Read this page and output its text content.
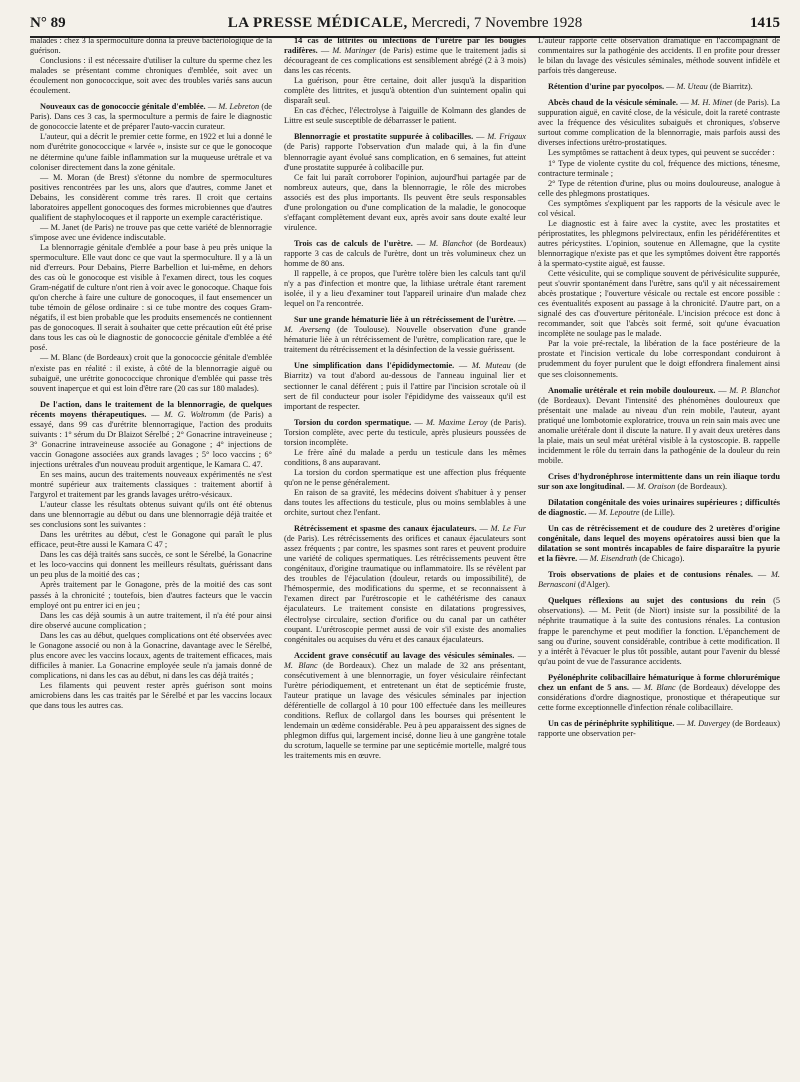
N° 89	LA PRESSE MÉDICALE, Mercredi, 7 Novembre 1928	1415

malades : chez 3 la spermoculture donna la preuve bactériologique de la guérison.

Conclusions : il est nécessaire d'utiliser la culture du sperme chez les malades se présentant comme chroniques d'emblée, soit avec un écoulement non gonococcique, soit avec des troubles variés sans aucun écoulement.

Nouveaux cas de gonococcie génitale d'emblée. — M. Lebreton (de Paris). Dans ces 3 cas, la spermoculture a permis de faire le diagnostic de gonococcie latente et de préparer l'auto-vaccin curateur.

L'auteur, qui a décrit le premier cette forme, en 1922 et lui a donné le nom d'urétrite gonococcique « larvée », insiste sur ce que le gonocoque ne détermine qu'une faible inflammation sur la muqueuse urétrale et va coloniser directement dans la zone génitale.

— M. Moran (de Brest) s'étonne du nombre de spermocultures positives rencontrées par les uns, alors que d'autres, comme Janet et Debains, les considèrent comme très rares. Il croit que certains laboratoires appellent gonocoques des formes microbiennes que d'autres qualifient de staphylocoques et il rapporte un exemple caractéristique.

— M. Janet (de Paris) ne trouve pas que cette variété de blennorragie s'impose avec une évidence indiscutable.

La blennorragie génitale d'emblée a pour base à peu près unique la spermoculture. Elle vaut donc ce que vaut la spermoculture. Il y a là un nid d'erreurs. Pour Debains, Pierre Barbellion et lui-même, en dehors des cas où le gonocoque est visible à l'examen direct, tous les coques Gram-négatif de culture n'ont rien à voir avec le gonocoque. Chaque fois qu'on cherche à faire une culture de gonocoques, il faut ensemencer un tube témoin de gélose ordinaire : si ce tube montre des coques Gram-négatifs, il est bien probable que les produits ensemencés ne contiennent pas de gonocoques. Il serait à souhaiter que cette précaution eût été prise dans tous les cas où le diagnostic de gonococcie génitale d'emblée a été posé.

— M. Blanc (de Bordeaux) croit que la gonococcie génitale d'emblée n'existe pas en réalité : il existe, à côté de la blennorragie aiguë ou subaiguë, une urétrite gonococcique chronique d'emblée qui passe très souvent inaperçue et qui est loin d'être rare (20 cas sur 180 malades).

De l'action, dans le traitement de la blennorragie, de quelques récents moyens thérapeutiques. — M. G. Woltromm (de Paris) a essayé, dans 99 cas d'urétrite blennorragique, l'action des produits suivants : 1° sérum du Dr Blaizot Sérelbé ; 2° Gonacrine intraveineuse ; 3° Gonacrine intraveineuse associée au Gonagone ; 4° injections de vaccin Gonagone associées aux grands lavages ; 5° loco vaccins ; 6° injections urétrales d'un nouveau produit argentique, le Kamara C. 47.

En ses mains, aucun des traitements nouveaux expérimentés ne s'est montré supérieur aux traitements classiques : traitement abortif à l'argyrol et traitement par les grands lavages urétro-vésicaux.

L'auteur classe les résultats obtenus suivant qu'ils ont été obtenus dans une blennorragie au début ou dans une blennorragie déjà traitée et ses conclusions sont les suivantes :

Dans les urétrites au début, c'est le Gonagone qui paraît le plus efficace, peut-être aussi le Kamara C 47 ;

Dans les cas déjà traités sans succès, ce sont le Sérelbé, la Gonacrine et les loco-vaccins qui donnent les meilleurs résultats, guérissant dans un peu plus de la moitié des cas ;

Après traitement par le Gonagone, près de la moitié des cas sont passés à la chronicité ; toutefois, bien d'autres facteurs que le vaccin employé ont pu entrer ici en jeu ;

Dans les cas déjà soumis à un autre traitement, il n'a été pour ainsi dire observé aucune complication ;

Dans les cas au début, quelques complications ont été observées avec le Gonagone associé ou non à la Gonacrine, davantage avec le Sérelbé, plus encore avec les vaccins locaux, agents de traitement efficaces, mais difficiles à manier. La Gonacrine employée seule n'a jamais donné de complications, ni dans les cas au début, ni dans les cas déjà traités ;

Les filaments qui peuvent rester après guérison sont moins amicrobiens dans les cas traités par le Sérelbé et par les vaccins locaux que dans tous les autres cas.

14 cas de littrites ou infections de l'urètre par les bougies radifères. — M. Maringer (de Paris) estime que le traitement jadis si décourageant de ces complications est sensiblement abrégé (2 à 3 mois) dans les cas récents.

La guérison, pour être certaine, doit aller jusqu'à la disparition complète des littrites, et jusqu'à obtention d'un suintement opalin qui disparaît seul.

En cas d'échec, l'électrolyse à l'aiguille de Kolmann des glandes de Littre est seule susceptible de débarrasser le patient.

Blennorragie et prostatite suppurée à colibacilles. — M. Frigaux (de Paris) rapporte l'observation d'un malade qui, à la fin d'une blennorragie ayant évolué sans complication, en 6 semaines, fut atteint d'une prostatite suppurée à colibacille pur.

Ce fait lui paraît corroborer l'opinion, aujourd'hui partagée par de nombreux auteurs, que, dans la blennorragie, le rôle des microbes associés est des plus importants. Ils peuvent être seuls responsables d'une prolongation ou d'une complication de la maladie, le gonocoque s'effaçant complètement devant eux, après avoir sans doute exalté leur virulence.

Trois cas de calculs de l'urètre. — M. Blanchot (de Bordeaux) rapporte 3 cas de calculs de l'urètre, dont un très volumineux chez un homme de 80 ans.

Il rappelle, à ce propos, que l'urètre tolère bien les calculs tant qu'il n'y a pas d'infection et montre que, la lithiase urétrale étant rarement isolée, il y a lieu d'examiner tout l'appareil urinaire d'un malade chez lequel on l'a rencontrée.

Sur une grande hématurie liée à un rétrécissement de l'urètre. — M. Aversenq (de Toulouse). Nouvelle observation d'une grande hématurie liée à un rétrécissement de l'urètre, complication rare, que le traitement du rétrécissement et la désinfection de la vessie guérissent.

Une simplification dans l'épididymectomie. — M. Muteau (de Biarritz) va tout d'abord au-dessous de l'anneau inguinal lier et sectionner le canal déférent ; puis il l'attire par l'incision scrotale où il sert de fil conducteur pour isoler l'épididyme des vaisseaux qu'il est important de respecter.

Torsion du cordon spermatique. — M. Maxime Leroy (de Paris). Torsion complète, avec perte du testicule, après plusieurs poussées de torsion incomplète.

Le frère aîné du malade a perdu un testicule dans les mêmes conditions, 8 ans auparavant.

La torsion du cordon spermatique est une affection plus fréquente qu'on ne le pense généralement.

En raison de sa gravité, les médecins doivent s'habituer à y penser dans toutes les affections du testicule, plus ou moins semblables à une orchite, surtout chez l'enfant.

Rétrécissement et spasme des canaux éjaculateurs. — M. Le Fur (de Paris). Les rétrécissements des orifices et canaux éjaculateurs sont assez fréquents ; par contre, les spasmes sont rares et peuvent produire une variété de coliques spermatiques. Les rétrécissements peuvent être congénitaux, d'origine traumatique ou inflammatoire. Ils se révèlent par des troubles de l'éjaculation (douleur, retards ou impossibilité), de l'hémospermie, des modifications du sperme, et se reconnaissent à l'examen direct par l'urétroscopie et le cathétérisme des canaux éjaculateurs. Le traitement consiste en dilatations progressives, électrolyse circulaire, section d'orifice ou du canal par un cathéter coupant. L'urétroscopie permet aussi de voir s'il existe des anomalies congénitales ou acquises du véru et des canaux éjaculateurs.

Accident grave consécutif au lavage des vésicules séminales. — M. Blanc (de Bordeaux). Chez un malade de 32 ans présentant, consécutivement à une blennorragie, un foyer vésiculaire réinfectant l'urètre périodiquement, et entretenant un état de septicémie fruste, l'auteur pratique un lavage des vésicules séminales par injection déférentielle de collargol à 10 pour 100 effectuée dans les meilleures conditions. Reflux de collargol dans les bourses qui présentent le lendemain un œdème considérable. Peu à peu apparaissent des signes de phlegmon diffus qui, largement incisé, donne lieu à une gangrène totale du scrotum, laquelle se termine par une septicémie mortelle, malgré tous les traitements mis en œuvre.

L'auteur rapporte cette observation dramatique en l'accompagnant de commentaires sur la pathogénie des accidents. Il en profite pour dresser le bilan du lavage des vésicules séminales, méthode souvent infidèle et parfois très dangereuse.

Rétention d'urine par pyocolpos. — M. Uteau (de Biarritz).

Abcès chaud de la vésicule séminale. — M. H. Minet (de Paris). La suppuration aiguë, en cavité close, de la vésicule, doit la rareté contraste avec la fréquence des vésiculites subaiguës et chroniques, s'observe surtout comme complication de la blennorragie, mais parfois aussi des diverses infections urétro-prostatiques.

Les symptômes se rattachent à deux types, qui peuvent se succéder :

1° Type de violente cystite du col, fréquence des mictions, ténesme, contracture terminale ;

2° Type de rétention d'urine, plus ou moins douloureuse, analogue à celle des phlegmons prostatiques.

Ces symptômes s'expliquent par les rapports de la vésicule avec le col vésical.

Le diagnostic est à faire avec la cystite, avec les prostatites et périprostatites, les phlegmons pelvirectaux, enfin les péridéférentites et autres péricystites. L'opinion, soutenue en Allemagne, que la cystite blennorragique n'existe pas et que les symptômes doivent être rapportés à la spermato-cystite aiguë, est fausse.

Cette vésiculite, qui se complique souvent de périvésiculite suppurée, peut s'ouvrir spontanément dans l'urètre, sans qu'il y ait nécessairement abcès prostatique ; l'ouverture vésicale ou rectale est encore possible : ces éventualités exposent au passage à la chronicité. D'autre part, on a signalé des cas d'ouverture péritonéale. L'incision précoce est donc à recommander, soit que l'abcès soit fermé, soit qu'une évacuation incomplète ne soulage pas le malade.

Par la voie pré-rectale, la libération de la face postérieure de la prostate et l'incision verticale du lobe correspondant conduiront à prudemment du foyer purulent que le doigt effondrera finalement ainsi que ses cloisonnements.

Anomalie urétérale et rein mobile douloureux. — M. P. Blanchot (de Bordeaux). Devant l'intensité des phénomènes douloureux que présentait une malade au niveau d'un rein mobile, l'auteur, ayant pratiqué une lombotomie exploratrice, trouva un rein sain mais avec une anomalie urétérale dont il discute la nature. Il y avait deux uretères dans la plaie, mais un seul méat urétéral visible à la cystoscopie. B. rappelle incidemment le rôle du terrain dans la pathogénie de la douleur du rein mobile.

Crises d'hydronéphrose intermittente dans un rein iliaque tordu sur son axe longitudinal. — M. Oraison (de Bordeaux).

Dilatation congénitale des voies urinaires supérieures ; difficultés de diagnostic. — M. Lepoutre (de Lille).

Un cas de rétrécissement et de coudure des 2 uretères d'origine congénitale, dans lequel des moyens opératoires aussi bien que la dilatation se sont montrés incapables de faire disparaître la pyurie et la fièvre. — M. Eisendrath (de Chicago).

Trois observations de plaies et de contusions rénales. — M. Bernasconi (d'Alger).

Quelques réflexions au sujet des contusions du rein (5 observations). — M. Petit (de Niort) insiste sur la possibilité de la néphrite traumatique à la suite des contusions rénales. La contusion frappe le parenchyme et peut modifier la fonction. L'épanchement de sang ou d'urine, souvent considérable, contribue à cette modification. Il y a intérêt à l'évacuer le plus tôt possible, autant pour l'avenir du blessé qu'au point de vue de l'assurance accidents.

Pyélonéphrite colibacillaire hématurique à forme chlorurémique chez un enfant de 5 ans. — M. Blanc (de Bordeaux) développe des considérations d'ordre diagnostique, pronostique et thérapeutique sur cette forme exceptionnelle d'infection rénale colibacillaire.

Un cas de périnéphrite syphilitique. — M. Duvergey (de Bordeaux) rapporte une observation per-
